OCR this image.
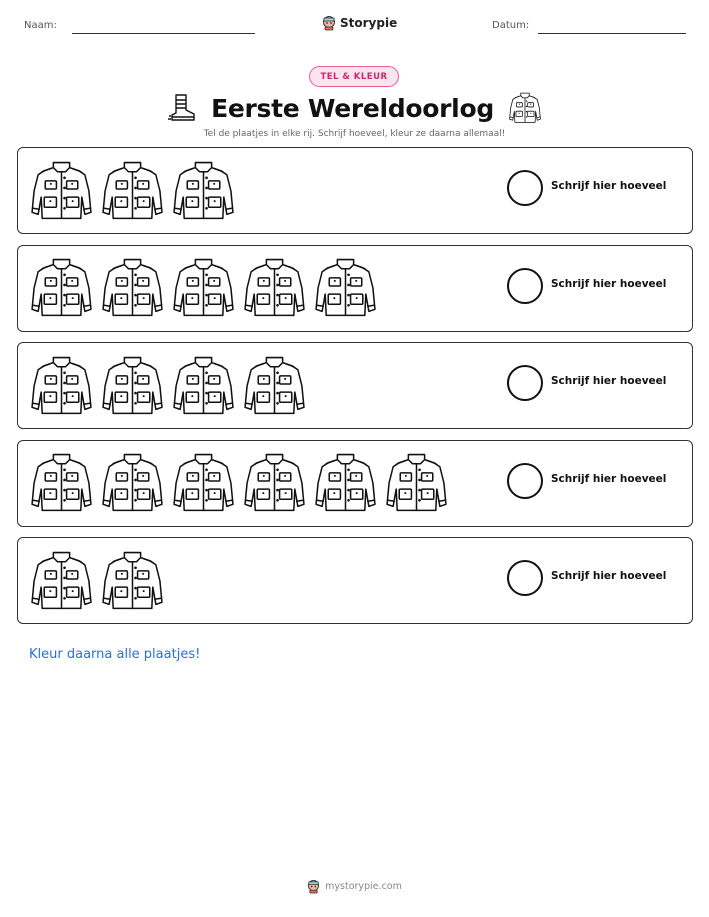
Naam:	Storypie	Datum:
TEL & KLEUR
Eerste Wereldoorlog
Tel de plaatjes in elke rij. Schrijf hoeveel, kleur ze daarna allemaal!
Schrijf hier hoeveel
Schrijf hier hoeveel
Schrijf hier hoeveel
Schrijf hier hoeveel
Schrijf hier hoeveel
Kleur daarna alle plaatjes!
mystorypie.com
